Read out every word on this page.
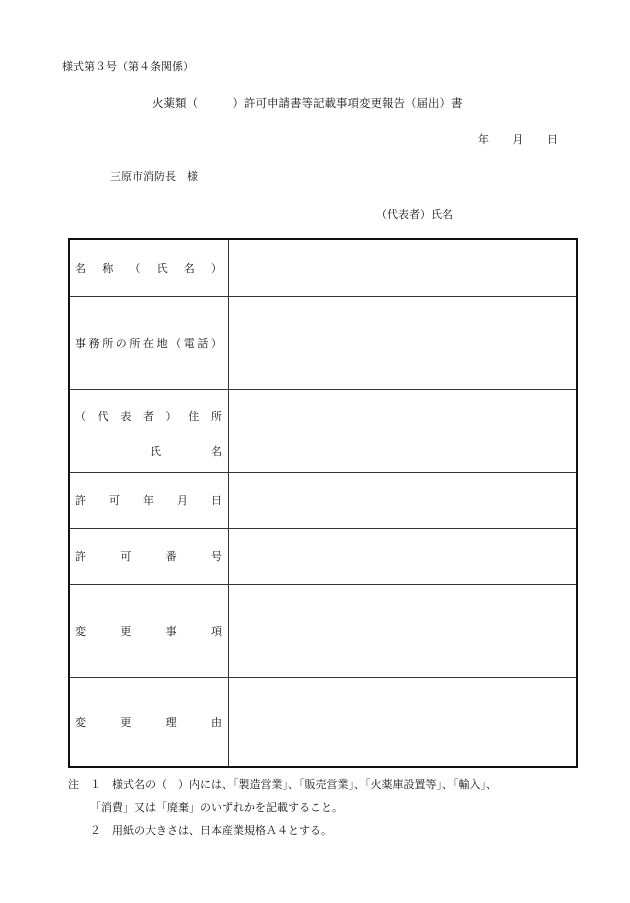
様式第３号（第４条関係）
火薬類（　　　）許可申請書等記載事項変更報告（届出）書
年 月 日
三原市消防長　様
（代表者）氏名
名 称 （ 氏 名 ）
事 務 所 の 所 在 地 （ 電 話 ）
（ 代 表 者 ） 住 所
氏	名
許 可 年 月 日
許	可	番	号
変	更	事	項
変	更	理	由
注　１　様式名の（　）内には、「製造営業」、「販売営業」、「火薬庫設置等」、「輸入」、
「消費」又は「廃棄」のいずれかを記載すること。
２　用紙の大きさは、日本産業規格Ａ４とする。
